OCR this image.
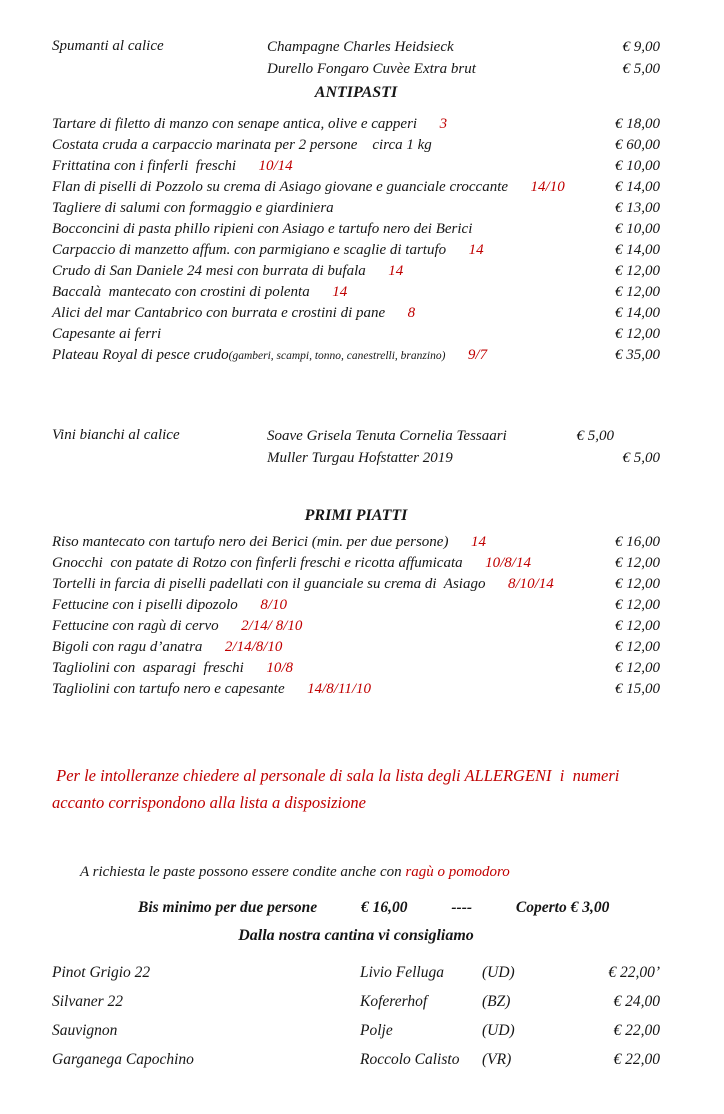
Spumanti al calice	Champagne Charles Heidsieck	€ 9,00
Durello Fongaro Cuvèe Extra brut	€ 5,00
ANTIPASTI
Tartare di filetto di manzo con senape antica, olive e capperi 3	€ 18,00
Costata cruda a carpaccio marinata per 2 persone    circa 1 kg	€ 60,00
Frittatina con i finferli  freschi 10/14	€ 10,00
Flan di piselli di Pozzolo su crema di Asiago giovane e guanciale croccante 14/10	€ 14,00
Tagliere di salumi con formaggio e giardiniera	€ 13,00
Bocconcini di pasta phillo ripieni con Asiago e tartufo nero dei Berici	€ 10,00
Carpaccio di manzetto affum. con parmigiano e scaglie di tartufo 14	€ 14,00
Crudo di San Daniele 24 mesi con burrata di bufala 14	€ 12,00
Baccalà  mantecato con crostini di polenta 14	€ 12,00
Alici del mar Cantabrico con burrata e crostini di pane 8	€ 14,00
Capesante ai ferri	€ 12,00
Plateau Royal di pesce crudo (gamberi, scampi, tonno, canestrelli, branzino) 9/7	€ 35,00
Vini bianchi al calice	Soave Grisela Tenuta Cornelia Tessaari	€ 5,00
Muller Turgau Hofstatter 2019	€ 5,00
PRIMI PIATTI
Riso mantecato con tartufo nero dei Berici (min. per due persone) 14	€ 16,00
Gnocchi  con patate di Rotzo con finferli freschi e ricotta affumicata 10/8/14	€ 12,00
Tortelli in farcia di piselli padellati con il guanciale su crema di  Asiago 8/10/14	€ 12,00
Fettucine con i piselli dipozolo 8/10	€ 12,00
Fettucine con ragù di cervo 2/14/ 8/10	€ 12,00
Bigoli con ragu d’anatra 2/14/8/10	€ 12,00
Tagliolini con  asparagi  freschi 10/8	€ 12,00
Tagliolini con tartufo nero e capesante 14/8/11/10	€ 15,00
Per le intolleranze chiedere al personale di sala la lista degli ALLERGENI  i  numeri accanto corrispondono alla lista a disposizione
A richiesta le paste possono essere condite anche con ragù o pomodoro
Bis minimo per due persone	€ 16,00	----	Coperto € 3,00
Dalla nostra cantina vi consigliamo
Pinot Grigio 22	Livio Felluga	(UD)	€ 22,00’
Silvaner 22	Kofererhof	(BZ)	€ 24,00
Sauvignon	Polje	(UD)	€ 22,00
Garganega Capochino	Roccolo Calisto	(VR)	€ 22,00
